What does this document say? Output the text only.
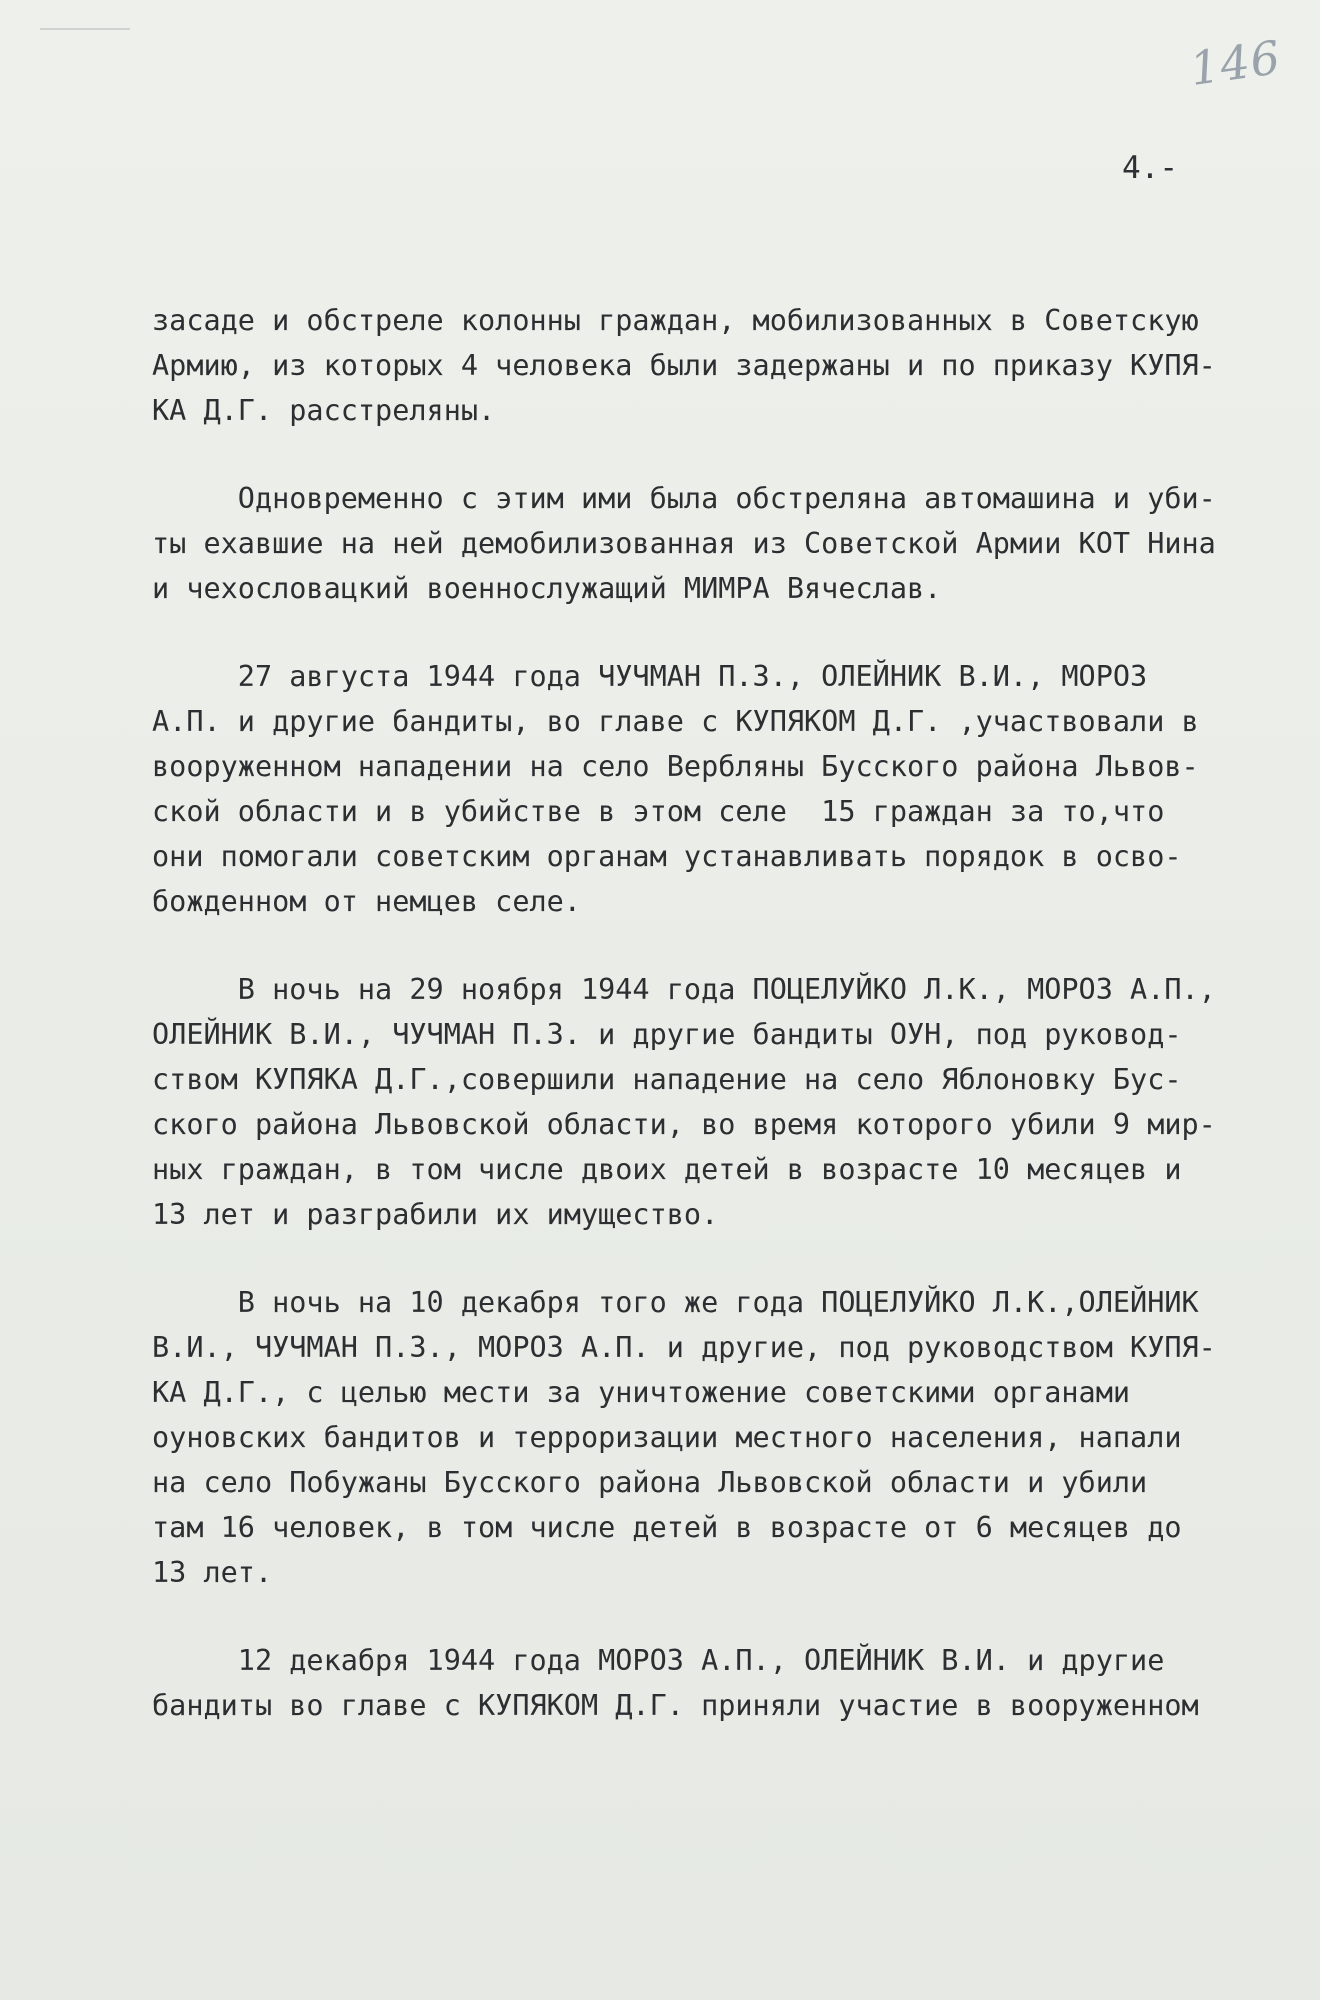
146
4.-

засаде и обстреле колонны граждан, мобилизованных в Советскую
Армию, из которых 4 человека были задержаны и по приказу КУПЯ-
КА Д.Г. расстреляны.

Одновременно с этим ими была обстреляна автомашина и уби-
ты ехавшие на ней демобилизованная из Советской Армии КОТ Нина
и чехословацкий военнослужащий МИМРА Вячеслав.

27 августа 1944 года ЧУЧМАН П.З., ОЛЕЙНИК В.И., МОРОЗ
А.П. и другие бандиты, во главе с КУПЯКОМ Д.Г. ,участвовали в
вооруженном нападении на село Вербляны Бусского района Львов-
ской области и в убийстве в этом селе  15 граждан за то,что
они помогали советским органам устанавливать порядок в осво-
божденном от немцев селе.

В ночь на 29 ноября 1944 года ПОЦЕЛУЙКО Л.К., МОРОЗ А.П.,
ОЛЕЙНИК В.И., ЧУЧМАН П.З. и другие бандиты ОУН, под руковод-
ством КУПЯКА Д.Г.,совершили нападение на село Яблоновку Бус-
ского района Львовской области, во время которого убили 9 мир-
ных граждан, в том числе двоих детей в возрасте 10 месяцев и
13 лет и разграбили их имущество.

В ночь на 10 декабря того же года ПОЦЕЛУЙКО Л.К.,ОЛЕЙНИК
В.И., ЧУЧМАН П.З., МОРОЗ А.П. и другие, под руководством КУПЯ-
КА Д.Г., с целью мести за уничтожение советскими органами
оуновских бандитов и терроризации местного населения, напали
на село Побужаны Бусского района Львовской области и убили
там 16 человек, в том числе детей в возрасте от 6 месяцев до
13 лет.

12 декабря 1944 года МОРОЗ А.П., ОЛЕЙНИК В.И. и другие
бандиты во главе с КУПЯКОМ Д.Г. приняли участие в вооруженном
